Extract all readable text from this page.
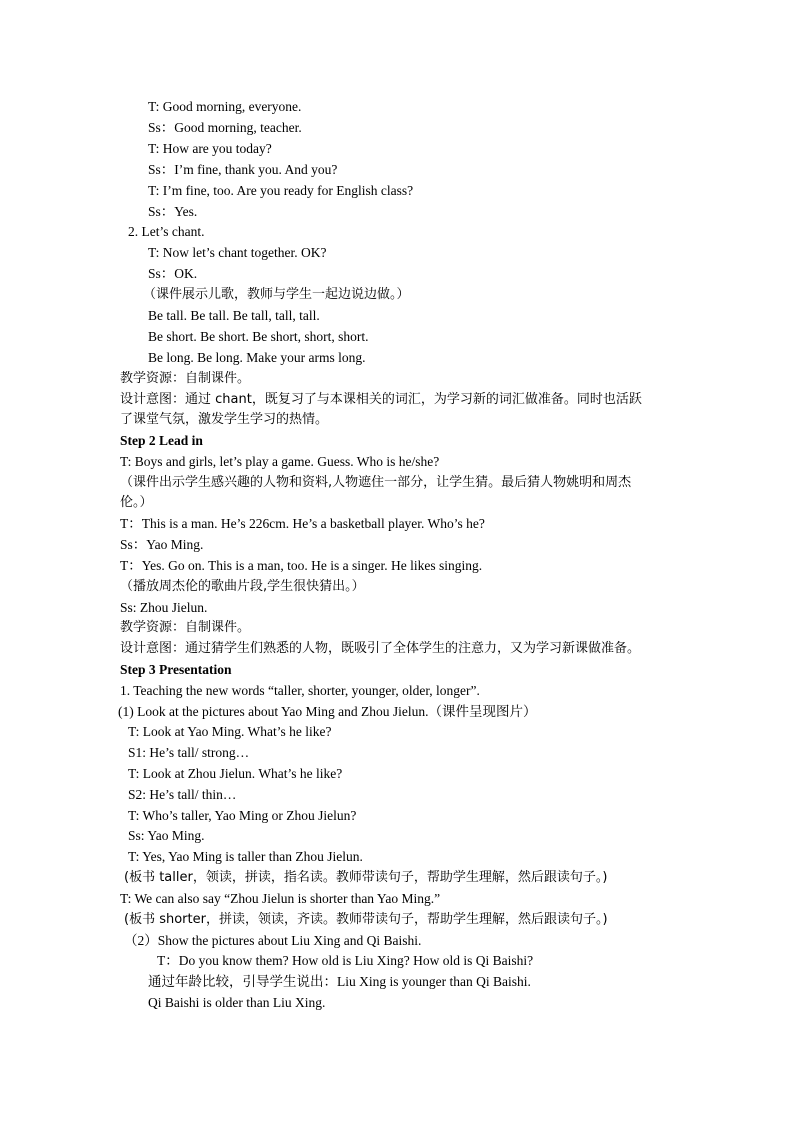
T: Good morning, everyone.
Ss：Good morning, teacher.
T: How are you today?
Ss：I’m fine, thank you. And you?
T: I’m fine, too. Are you ready for English class?
Ss：Yes.
2. Let’s chant.
T: Now let’s chant together. OK?
Ss：OK.
（课件展示儿歌，教师与学生一起边说边做。）
Be tall. Be tall. Be tall, tall, tall.
Be short. Be short. Be short, short, short.
Be long. Be long. Make your arms long.
教学资源：自制课件。
设计意图：通过 chant，既复习了与本课相关的词汇，为学习新的词汇做准备。同时也活跃
了课堂气氛，激发学生学习的热情。
Step 2 Lead in
T: Boys and girls, let’s play a game. Guess. Who is he/she?
（课件出示学生感兴趣的人物和资料,人物遮住一部分，让学生猜。最后猜人物姚明和周杰
伦。）
T：This is a man. He’s 226cm. He’s a basketball player. Who’s he?
Ss：Yao Ming.
T：Yes. Go on. This is a man, too. He is a singer. He likes singing.
（播放周杰伦的歌曲片段,学生很快猜出。）
Ss: Zhou Jielun.
教学资源：自制课件。
设计意图：通过猜学生们熟悉的人物，既吸引了全体学生的注意力，又为学习新课做准备。
Step 3 Presentation
1. Teaching the new words “taller, shorter, younger, older, longer”.
(1) Look at the pictures about Yao Ming and Zhou Jielun.（课件呈现图片）
T: Look at Yao Ming. What’s he like?
S1: He’s tall/ strong…
T: Look at Zhou Jielun. What’s he like?
S2: He’s tall/ thin…
T: Who’s taller, Yao Ming or Zhou Jielun?
Ss: Yao Ming.
T: Yes, Yao Ming is taller than Zhou Jielun.
(板书 taller，领读，拼读，指名读。教师带读句子，帮助学生理解，然后跟读句子。)
T: We can also say “Zhou Jielun is shorter than Yao Ming.”
(板书 shorter，拼读，领读，齐读。教师带读句子，帮助学生理解，然后跟读句子。)
（2）Show the pictures about Liu Xing and Qi Baishi.
T：Do you know them? How old is Liu Xing? How old is Qi Baishi?
通过年龄比较，引导学生说出：Liu Xing is younger than Qi Baishi.
Qi Baishi is older than Liu Xing.
